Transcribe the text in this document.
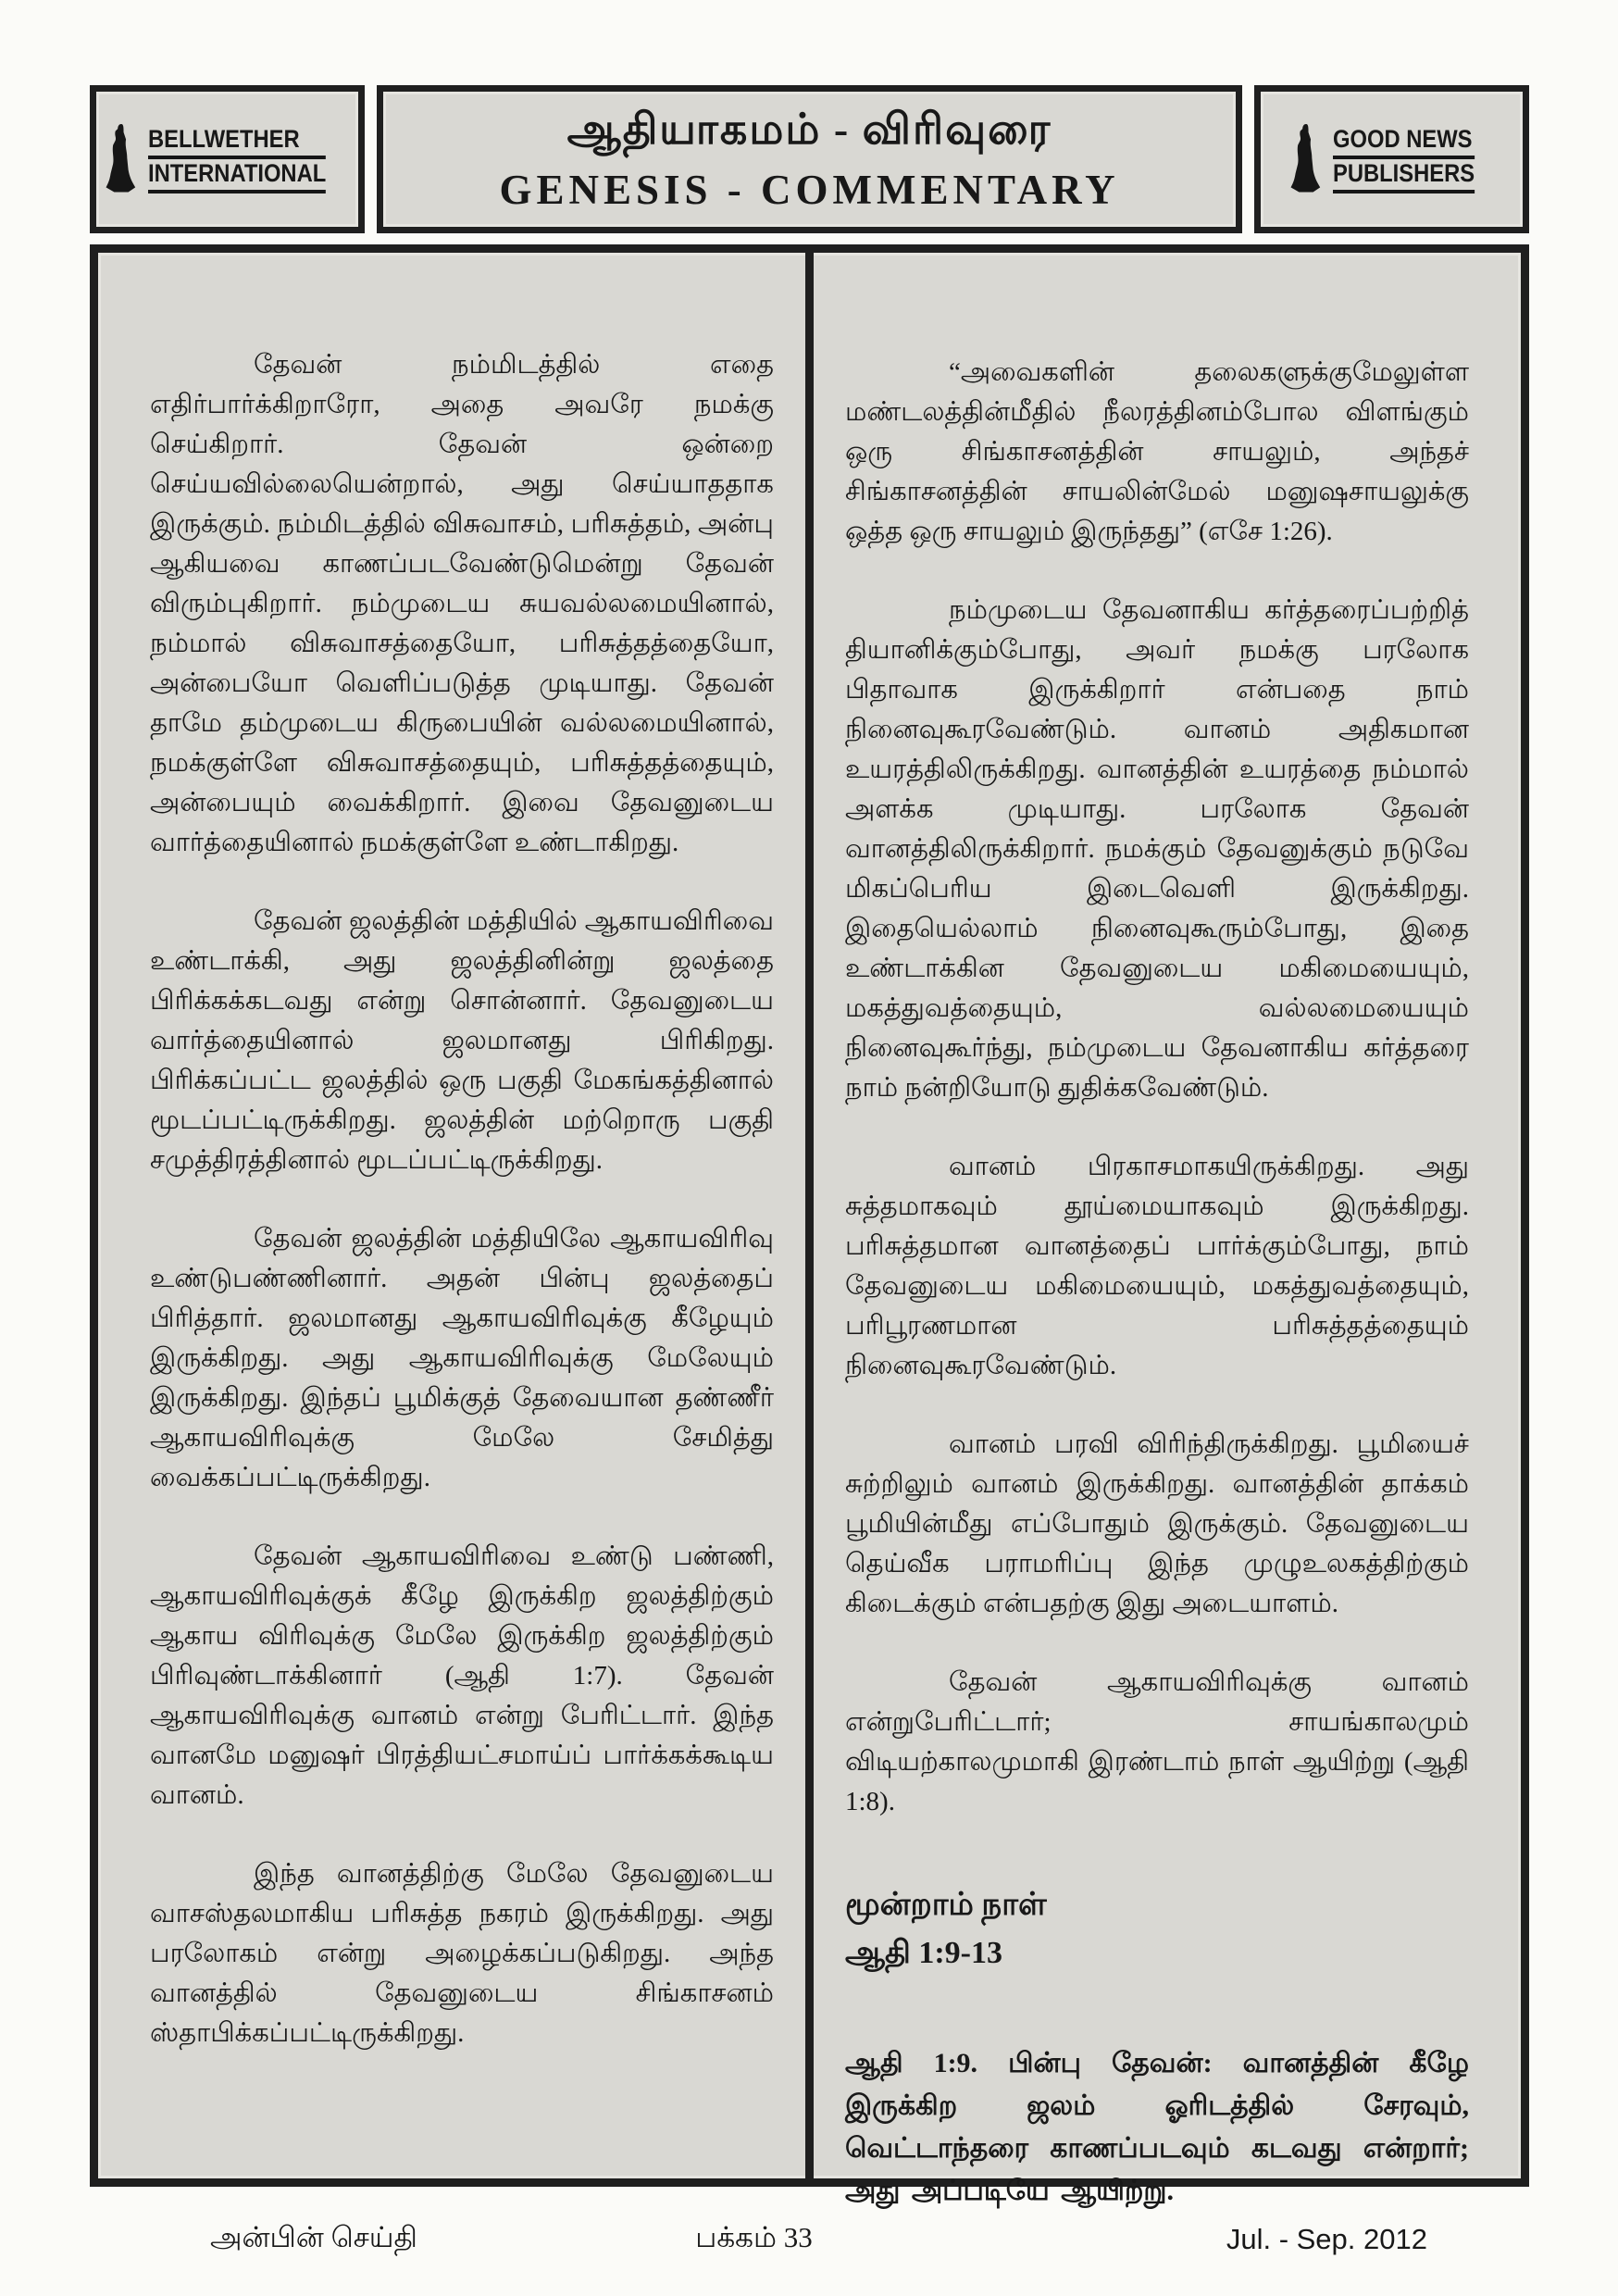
BELLWETHER
INTERNATIONAL
ஆதியாகமம் - விரிவுரை
GENESIS - COMMENTARY
GOOD NEWS
PUBLISHERS

தேவன் நம்மிடத்தில் எதை எதிர்பார்க்கிறாரோ, அதை அவரே நமக்கு செய்கிறார். தேவன் ஒன்றை செய்யவில்லையென்றால், அது செய்யாததாக இருக்கும். நம்மிடத்தில் விசுவாசம், பரிசுத்தம், அன்பு ஆகியவை காணப்படவேண்டுமென்று தேவன் விரும்புகிறார். நம்முடைய சுயவல்லமையினால், நம்மால் விசுவாசத்தையோ, பரிசுத்தத்தையோ, அன்பையோ வெளிப்படுத்த முடியாது. தேவன் தாமே தம்முடைய கிருபையின் வல்லமையினால், நமக்குள்ளே விசுவாசத்தையும், பரிசுத்தத்தையும், அன்பையும் வைக்கிறார். இவை தேவனுடைய வார்த்தையினால் நமக்குள்ளே உண்டாகிறது.

தேவன் ஜலத்தின் மத்தியில் ஆகாயவிரிவை உண்டாக்கி, அது ஜலத்தினின்று ஜலத்தை பிரிக்கக்கடவது என்று சொன்னார். தேவனுடைய வார்த்தையினால் ஜலமானது பிரிகிறது. பிரிக்கப்பட்ட ஜலத்தில் ஒரு பகுதி மேகங்கத்தினால் மூடப்பட்டிருக்கிறது. ஜலத்தின் மற்றொரு பகுதி சமுத்திரத்தினால் மூடப்பட்டிருக்கிறது.

தேவன் ஜலத்தின் மத்தியிலே ஆகாயவிரிவு உண்டுபண்ணினார். அதன் பின்பு ஜலத்தைப் பிரித்தார். ஜலமானது ஆகாயவிரிவுக்கு கீழேயும் இருக்கிறது. அது ஆகாயவிரிவுக்கு மேலேயும் இருக்கிறது. இந்தப் பூமிக்குத் தேவையான தண்ணீர் ஆகாயவிரிவுக்கு மேலே சேமித்து வைக்கப்பட்டிருக்கிறது.

தேவன் ஆகாயவிரிவை உண்டு பண்ணி, ஆகாயவிரிவுக்குக் கீழே இருக்கிற ஜலத்திற்கும் ஆகாய விரிவுக்கு மேலே இருக்கிற ஜலத்திற்கும் பிரிவுண்டாக்கினார் (ஆதி 1:7). தேவன் ஆகாயவிரிவுக்கு வானம் என்று பேரிட்டார். இந்த வானமே மனுஷர் பிரத்தியட்சமாய்ப் பார்க்கக்கூடிய வானம்.

இந்த வானத்திற்கு மேலே தேவனுடைய வாசஸ்தலமாகிய பரிசுத்த நகரம் இருக்கிறது. அது பரலோகம் என்று அழைக்கப்படுகிறது. அந்த வானத்தில் தேவனுடைய சிங்காசனம் ஸ்தாபிக்கப்பட்டிருக்கிறது.

“அவைகளின் தலைகளுக்குமேலுள்ள மண்டலத்தின்மீதில் நீலரத்தினம்போல விளங்கும் ஒரு சிங்காசனத்தின் சாயலும், அந்தச் சிங்காசனத்தின் சாயலின்மேல் மனுஷசாயலுக்கு ஒத்த ஒரு சாயலும் இருந்தது” (எசே 1:26).

நம்முடைய தேவனாகிய கர்த்தரைப்பற்றித் தியானிக்கும்போது, அவர் நமக்கு பரலோக பிதாவாக இருக்கிறார் என்பதை நாம் நினைவுகூரவேண்டும். வானம் அதிகமான உயரத்திலிருக்கிறது. வானத்தின் உயரத்தை நம்மால் அளக்க முடியாது. பரலோக தேவன் வானத்திலிருக்கிறார். நமக்கும் தேவனுக்கும் நடுவே மிகப்பெரிய இடைவெளி இருக்கிறது. இதையெல்லாம் நினைவுகூரும்போது, இதை உண்டாக்கின தேவனுடைய மகிமையையும், மகத்துவத்தையும், வல்லமையையும் நினைவுகூர்ந்து, நம்முடைய தேவனாகிய கர்த்தரை நாம் நன்றியோடு துதிக்கவேண்டும்.

வானம் பிரகாசமாகயிருக்கிறது. அது சுத்தமாகவும் தூய்மையாகவும் இருக்கிறது. பரிசுத்தமான வானத்தைப் பார்க்கும்போது, நாம் தேவனுடைய மகிமையையும், மகத்துவத்தையும், பரிபூரணமான பரிசுத்தத்தையும் நினைவுகூரவேண்டும்.

வானம் பரவி விரிந்திருக்கிறது. பூமியைச் சுற்றிலும் வானம் இருக்கிறது. வானத்தின் தாக்கம் பூமியின்மீது எப்போதும் இருக்கும். தேவனுடைய தெய்வீக பராமரிப்பு இந்த முழுஉலகத்திற்கும் கிடைக்கும் என்பதற்கு இது அடையாளம்.

தேவன் ஆகாயவிரிவுக்கு வானம் என்றுபேரிட்டார்; சாயங்காலமும் விடியற்காலமுமாகி இரண்டாம் நாள் ஆயிற்று (ஆதி 1:8).

மூன்றாம் நாள்
ஆதி 1:9-13

ஆதி 1:9. பின்பு தேவன்: வானத்தின் கீழே இருக்கிற ஜலம் ஓரிடத்தில் சேரவும், வெட்டாந்தரை காணப்படவும் கடவது என்றார்; அது அப்படியே ஆயிற்று.

அன்பின் செய்தி	பக்கம் 33	Jul. - Sep. 2012
